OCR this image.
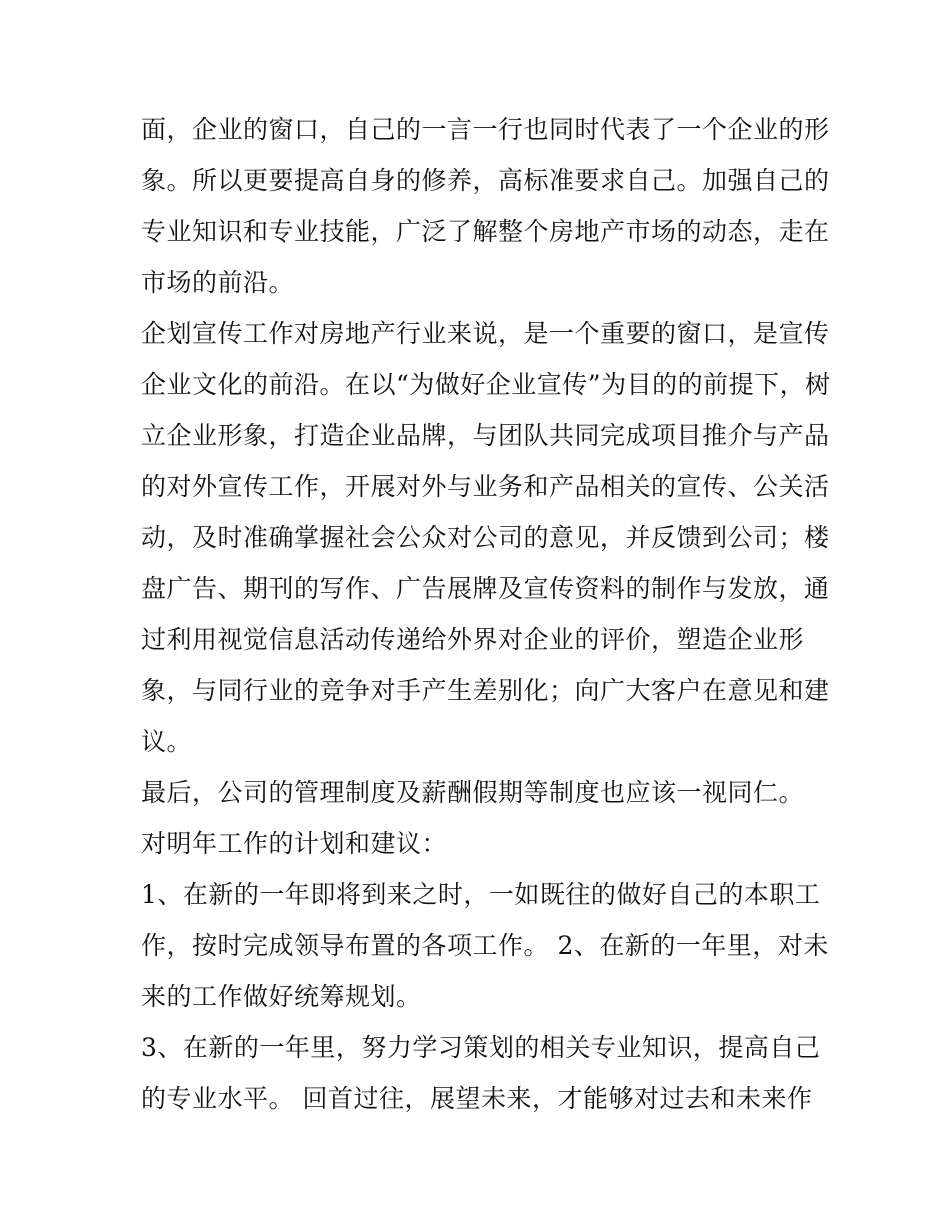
面，企业的窗口，自己的一言一行也同时代表了一个企业的形
象。所以更要提高自身的修养，高标准要求自己。加强自己的
专业知识和专业技能，广泛了解整个房地产市场的动态，走在
市场的前沿。
企划宣传工作对房地产行业来说，是一个重要的窗口，是宣传
企业文化的前沿。在以“为做好企业宣传”为目的的前提下，树
立企业形象，打造企业品牌，与团队共同完成项目推介与产品
的对外宣传工作，开展对外与业务和产品相关的宣传、公关活
动，及时准确掌握社会公众对公司的意见，并反馈到公司；楼
盘广告、期刊的写作、广告展牌及宣传资料的制作与发放，通
过利用视觉信息活动传递给外界对企业的评价，塑造企业形
象，与同行业的竞争对手产生差别化；向广大客户在意见和建
议。
最后，公司的管理制度及薪酬假期等制度也应该一视同仁。
对明年工作的计划和建议：
1、在新的一年即将到来之时，一如既往的做好自己的本职工
作，按时完成领导布置的各项工作。 2、在新的一年里，对未
来的工作做好统筹规划。
3、在新的一年里，努力学习策划的相关专业知识，提高自己
的专业水平。 回首过往，展望未来，才能够对过去和未来作
